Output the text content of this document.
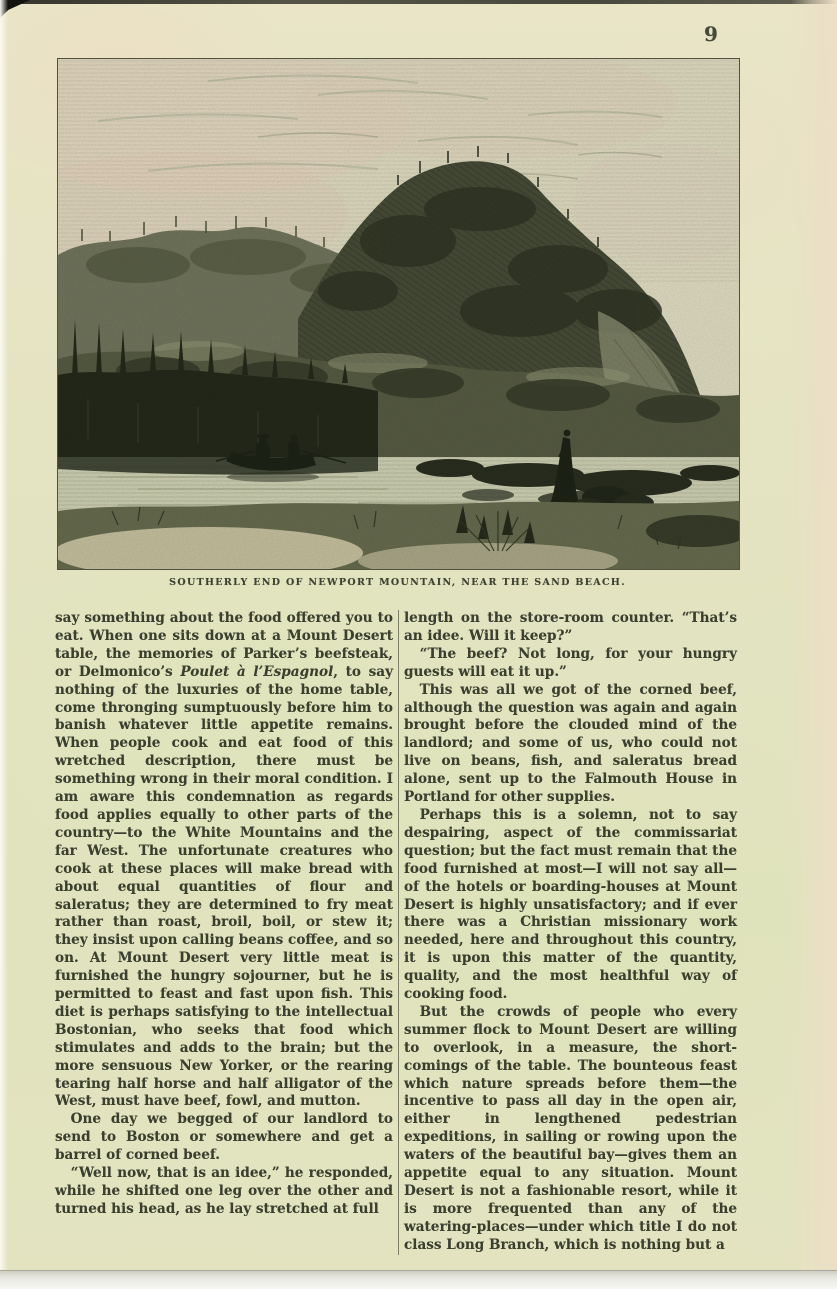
9
SOUTHERLY END OF NEWPORT MOUNTAIN, NEAR THE SAND BEACH.

say something about the food offered you to eat. When one sits down at a Mount Desert table, the memories of Parker’s beefsteak, or Delmonico’s Poulet à l’Espagnol, to say nothing of the luxuries of the home table, come thronging sumptuously before him to banish whatever little appetite remains. When people cook and eat food of this wretched description, there must be something wrong in their moral condition. I am aware this condemnation as regards food applies equally to other parts of the country—to the White Mountains and the far West. The unfortunate creatures who cook at these places will make bread with about equal quantities of flour and saleratus; they are determined to fry meat rather than roast, broil, boil, or stew it; they insist upon calling beans coffee, and so on. At Mount Desert very little meat is furnished the hungry sojourner, but he is permitted to feast and fast upon fish. This diet is perhaps satisfying to the intellectual Bostonian, who seeks that food which stimulates and adds to the brain; but the more sensuous New Yorker, or the rearing tearing half horse and half alligator of the West, must have beef, fowl, and mutton.

One day we begged of our landlord to send to Boston or somewhere and get a barrel of corned beef.

“Well now, that is an idee,” he responded, while he shifted one leg over the other and turned his head, as he lay stretched at full

length on the store-room counter. “That’s an idee. Will it keep?”

“The beef? Not long, for your hungry guests will eat it up.”

This was all we got of the corned beef, although the question was again and again brought before the clouded mind of the landlord; and some of us, who could not live on beans, fish, and saleratus bread alone, sent up to the Falmouth House in Portland for other supplies.

Perhaps this is a solemn, not to say despairing, aspect of the commissariat question; but the fact must remain that the food furnished at most—I will not say all—of the hotels or boarding-houses at Mount Desert is highly unsatisfactory; and if ever there was a Christian missionary work needed, here and throughout this country, it is upon this matter of the quantity, quality, and the most healthful way of cooking food.

But the crowds of people who every summer flock to Mount Desert are willing to overlook, in a measure, the short-comings of the table. The bounteous feast which nature spreads before them—the incentive to pass all day in the open air, either in lengthened pedestrian expeditions, in sailing or rowing upon the waters of the beautiful bay—gives them an appetite equal to any situation. Mount Desert is not a fashionable resort, while it is more frequented than any of the watering-places—under which title I do not class Long Branch, which is nothing but a
